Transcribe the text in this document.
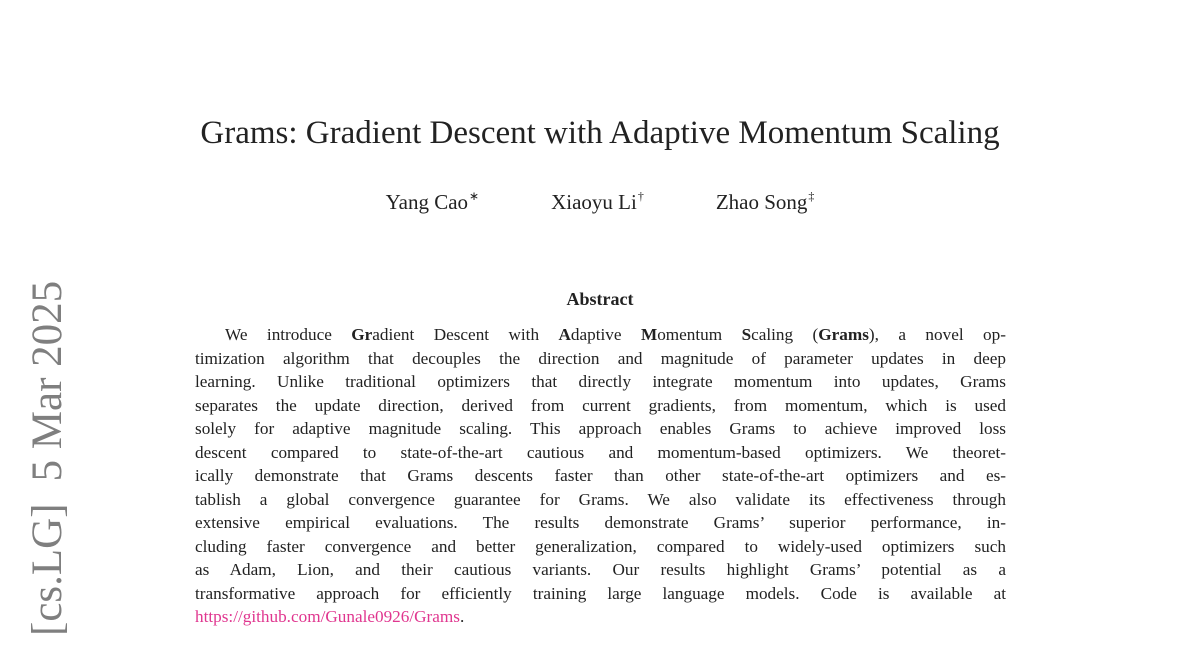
[cs.LG]5 Mar 2025
Grams: Gradient Descent with Adaptive Momentum Scaling
Yang Cao∗	Xiaoyu Li†	Zhao Song‡
Abstract
We introduce Gradient Descent with Adaptive Momentum Scaling (Grams), a novel op-
timization algorithm that decouples the direction and magnitude of parameter updates in deep
learning. Unlike traditional optimizers that directly integrate momentum into updates, Grams
separates the update direction, derived from current gradients, from momentum, which is used
solely for adaptive magnitude scaling. This approach enables Grams to achieve improved loss
descent compared to state-of-the-art cautious and momentum-based optimizers. We theoret-
ically demonstrate that Grams descents faster than other state-of-the-art optimizers and es-
tablish a global convergence guarantee for Grams. We also validate its effectiveness through
extensive empirical evaluations. The results demonstrate Grams’ superior performance, in-
cluding faster convergence and better generalization, compared to widely-used optimizers such
as Adam, Lion, and their cautious variants. Our results highlight Grams’ potential as a
transformative approach for efficiently training large language models. Code is available at
https://github.com/Gunale0926/Grams.
